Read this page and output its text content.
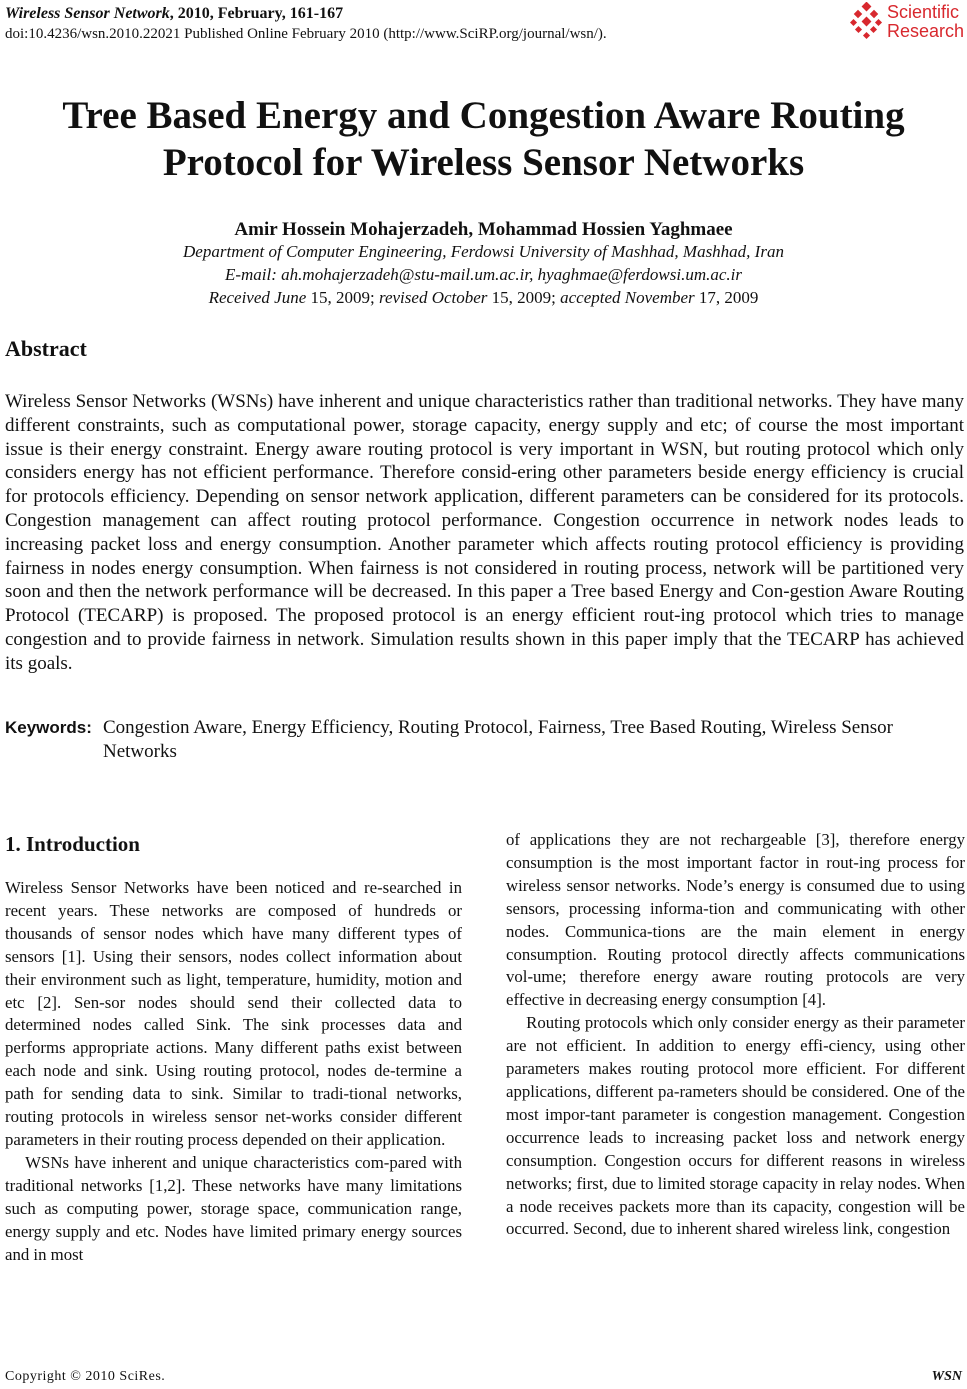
Wireless Sensor Network, 2010, February, 161-167
doi:10.4236/wsn.2010.22021 Published Online February 2010 (http://www.SciRP.org/journal/wsn/).
Scientific
Research
Tree Based Energy and Congestion Aware Routing
Protocol for Wireless Sensor Networks
Amir Hossein Mohajerzadeh, Mohammad Hossien Yaghmaee
Department of Computer Engineering, Ferdowsi University of Mashhad, Mashhad, Iran
E-mail: ah.mohajerzadeh@stu-mail.um.ac.ir, hyaghmae@ferdowsi.um.ac.ir
Received June 15, 2009; revised October 15, 2009; accepted November 17, 2009
Abstract
Wireless Sensor Networks (WSNs) have inherent and unique characteristics rather than traditional networks. They have many different constraints, such as computational power, storage capacity, energy supply and etc; of course the most important issue is their energy constraint. Energy aware routing protocol is very important in WSN, but routing protocol which only considers energy has not efficient performance. Therefore consid-ering other parameters beside energy efficiency is crucial for protocols efficiency. Depending on sensor network application, different parameters can be considered for its protocols. Congestion management can affect routing protocol performance. Congestion occurrence in network nodes leads to increasing packet loss and energy consumption. Another parameter which affects routing protocol efficiency is providing fairness in nodes energy consumption. When fairness is not considered in routing process, network will be partitioned very soon and then the network performance will be decreased. In this paper a Tree based Energy and Con-gestion Aware Routing Protocol (TECARP) is proposed. The proposed protocol is an energy efficient rout-ing protocol which tries to manage congestion and to provide fairness in network. Simulation results shown in this paper imply that the TECARP has achieved its goals.
Keywords: Congestion Aware, Energy Efficiency, Routing Protocol, Fairness, Tree Based Routing, Wireless Sensor Networks
1. Introduction

Wireless Sensor Networks have been noticed and re-searched in recent years. These networks are composed of hundreds or thousands of sensor nodes which have many different types of sensors [1]. Using their sensors, nodes collect information about their environment such as light, temperature, humidity, motion and etc [2]. Sen-sor nodes should send their collected data to determined nodes called Sink. The sink processes data and performs appropriate actions. Many different paths exist between each node and sink. Using routing protocol, nodes de-termine a path for sending data to sink. Similar to tradi-tional networks, routing protocols in wireless sensor net-works consider different parameters in their routing process depended on their application.

WSNs have inherent and unique characteristics com-pared with traditional networks [1,2]. These networks have many limitations such as computing power, storage space, communication range, energy supply and etc. Nodes have limited primary energy sources and in most

of applications they are not rechargeable [3], therefore energy consumption is the most important factor in rout-ing process for wireless sensor networks. Node’s energy is consumed due to using sensors, processing informa-tion and communicating with other nodes. Communica-tions are the main element in energy consumption. Routing protocol directly affects communications vol-ume; therefore energy aware routing protocols are very effective in decreasing energy consumption [4].

Routing protocols which only consider energy as their parameter are not efficient. In addition to energy effi-ciency, using other parameters makes routing protocol more efficient. For different applications, different pa-rameters should be considered. One of the most impor-tant parameter is congestion management. Congestion occurrence leads to increasing packet loss and network energy consumption. Congestion occurs for different reasons in wireless networks; first, due to limited storage capacity in relay nodes. When a node receives packets more than its capacity, congestion will be occurred. Second, due to inherent shared wireless link, congestion

Copyright © 2010 SciRes.	WSN
